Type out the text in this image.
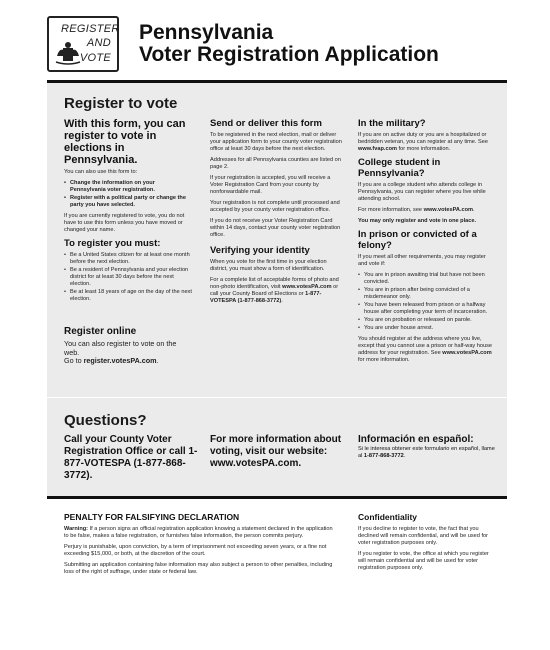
REGISTER
AND
VOTE
Pennsylvania
Voter Registration Application
Register to vote
With this form, you can register to vote in elections in Pennsylvania.

You can also use this form to:

• Change the information on your Pennsylvania voter registration.
• Register with a political party or change the party you have selected.

If you are currently registered to vote, you do not have to use this form unless you have moved or changed your name.

To register you must:
• Be a United States citizen for at least one month before the next election.
• Be a resident of Pennsylvania and your election district for at least 30 days before the next election.
• Be at least 18 years of age on the day of the next election.
Register online

You can also register to vote on the web.

Go to register.votesPA.com.

Send or deliver this form

To be registered in the next election, mail or deliver your application form to your county voter registration office at least 30 days before the next election.

Addresses for all Pennsylvania counties are listed on page 2.

If your registration is accepted, you will receive a Voter Registration Card from your county by nonforwardable mail.

Your registration is not complete until processed and accepted by your county voter registration office.

If you do not receive your Voter Registration Card within 14 days, contact your county voter registration office.

Verifying your identity

When you vote for the first time in your election district, you must show a form of identification.

For a complete list of acceptable forms of photo and non-photo identification, visit www.votesPA.com or call your County Board of Elections or 1-877-VOTESPA (1-877-868-3772).

In the military?

If you are on active duty or you are a hospitalized or bedridden veteran, you can register at any time. See www.fvap.com for more information.

College student in Pennsylvania?

If you are a college student who attends college in Pennsylvania, you can register where you live while attending school.

For more information, see www.votesPA.com.

You may only register and vote in one place.

In prison or convicted of a felony?

If you meet all other requirements, you may register and vote if:

• You are in prison awaiting trial but have not been convicted.
• You are in prison after being convicted of a misdemeanor only.
• You have been released from prison or a halfway house after completing your term of incarceration.
• You are on probation or released on parole.
• You are under house arrest.

You should register at the address where you live, except that you cannot use a prison or half-way house address for your registration. See www.votesPA.com for more information.

Questions?
Call your County Voter Registration Office or call 1-877-VOTESPA (1-877-868-3772).
For more information about voting, visit our website: www.votesPA.com.
Información en español:
Si le interesa obtener este formulario en español, llame al 1-877-868-3772.
PENALTY FOR FALSIFYING DECLARATION

Warning: If a person signs an official registration application knowing a statement declared in the application to be false, makes a false registration, or furnishes false information, the person commits perjury.

Perjury is punishable, upon conviction, by a term of imprisonment not exceeding seven years, or a fine not exceeding $15,000, or both, at the discretion of the court.

Submitting an application containing false information may also subject a person to other penalties, including loss of the right of suffrage, under state or federal law.

Confidentiality

If you decline to register to vote, the fact that you declined will remain confidential, and will be used for voter registration purposes only.

If you register to vote, the office at which you register will remain confidential and will be used for voter registration purposes only.
